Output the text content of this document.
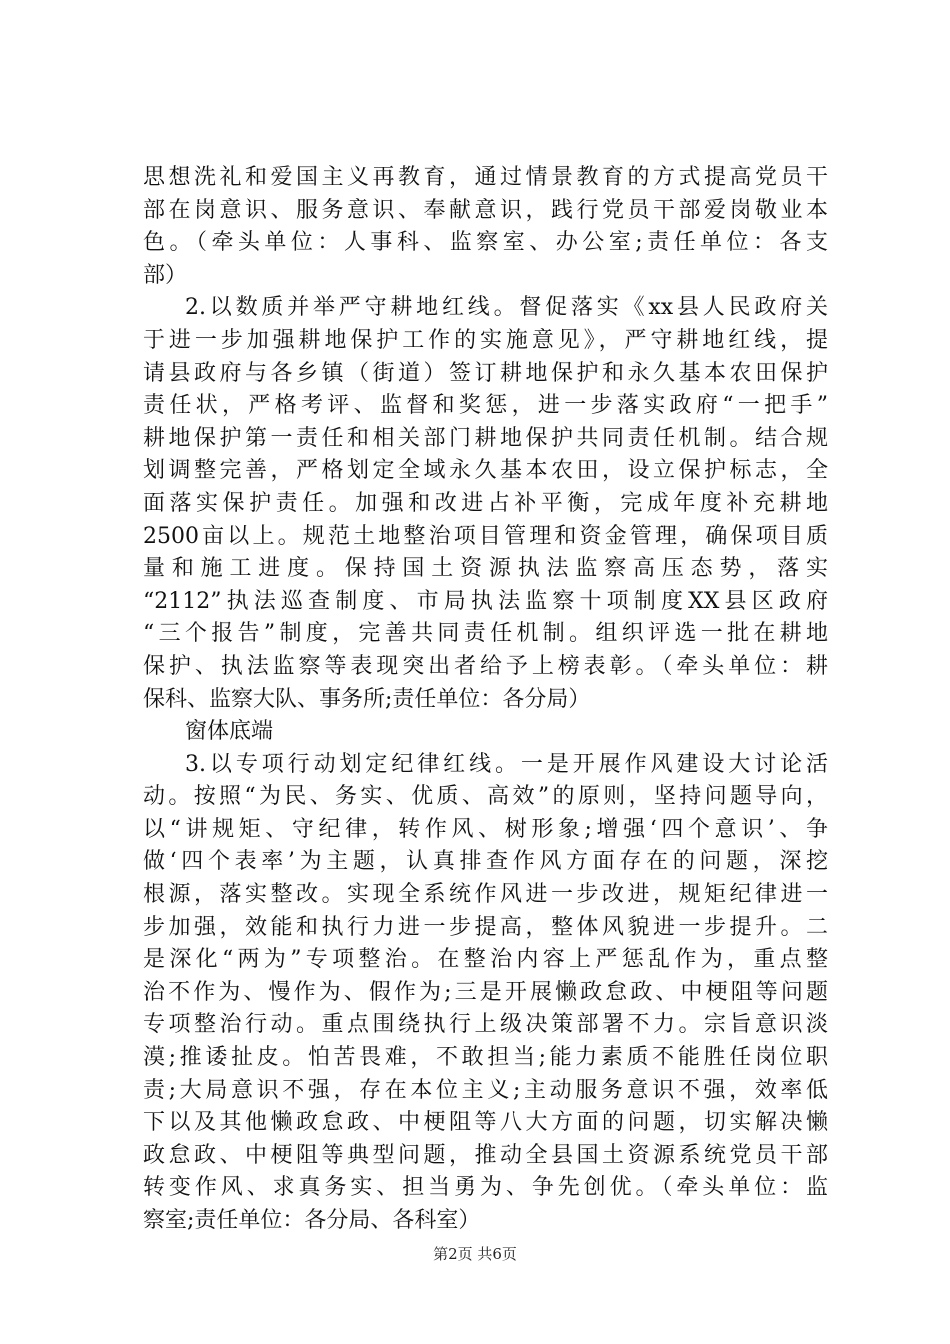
思想洗礼和爱国主义再教育，通过情景教育的方式提高党员干
部在岗意识、服务意识、奉献意识，践行党员干部爱岗敬业本
色。（牵头单位：人事科、监察室、办公室;责任单位：各支
部）
2.以数质并举严守耕地红线。督促落实《xx县人民政府关
于进一步加强耕地保护工作的实施意见》，严守耕地红线，提
请县政府与各乡镇（街道）签订耕地保护和永久基本农田保护
责任状，严格考评、监督和奖惩，进一步落实政府“一把手”
耕地保护第一责任和相关部门耕地保护共同责任机制。结合规
划调整完善，严格划定全域永久基本农田，设立保护标志，全
面落实保护责任。加强和改进占补平衡，完成年度补充耕地
2500亩以上。规范土地整治项目管理和资金管理，确保项目质
量和施工进度。保持国土资源执法监察高压态势，落实
“2112”执法巡查制度、市局执法监察十项制度XX县区政府
“三个报告”制度，完善共同责任机制。组织评选一批在耕地
保护、执法监察等表现突出者给予上榜表彰。（牵头单位：耕
保科、监察大队、事务所;责任单位：各分局）
窗体底端
3.以专项行动划定纪律红线。一是开展作风建设大讨论活
动。按照“为民、务实、优质、高效”的原则，坚持问题导向，
以“讲规矩、守纪律，转作风、树形象;增强‘四个意识’、争
做‘四个表率’为主题，认真排查作风方面存在的问题，深挖
根源，落实整改。实现全系统作风进一步改进，规矩纪律进一
步加强，效能和执行力进一步提高，整体风貌进一步提升。二
是深化“两为”专项整治。在整治内容上严惩乱作为，重点整
治不作为、慢作为、假作为;三是开展懒政怠政、中梗阻等问题
专项整治行动。重点围绕执行上级决策部署不力。宗旨意识淡
漠;推诿扯皮。怕苦畏难，不敢担当;能力素质不能胜任岗位职
责;大局意识不强，存在本位主义;主动服务意识不强，效率低
下以及其他懒政怠政、中梗阻等八大方面的问题，切实解决懒
政怠政、中梗阻等典型问题，推动全县国土资源系统党员干部
转变作风、求真务实、担当勇为、争先创优。（牵头单位：监
察室;责任单位：各分局、各科室）
第2页 共6页
